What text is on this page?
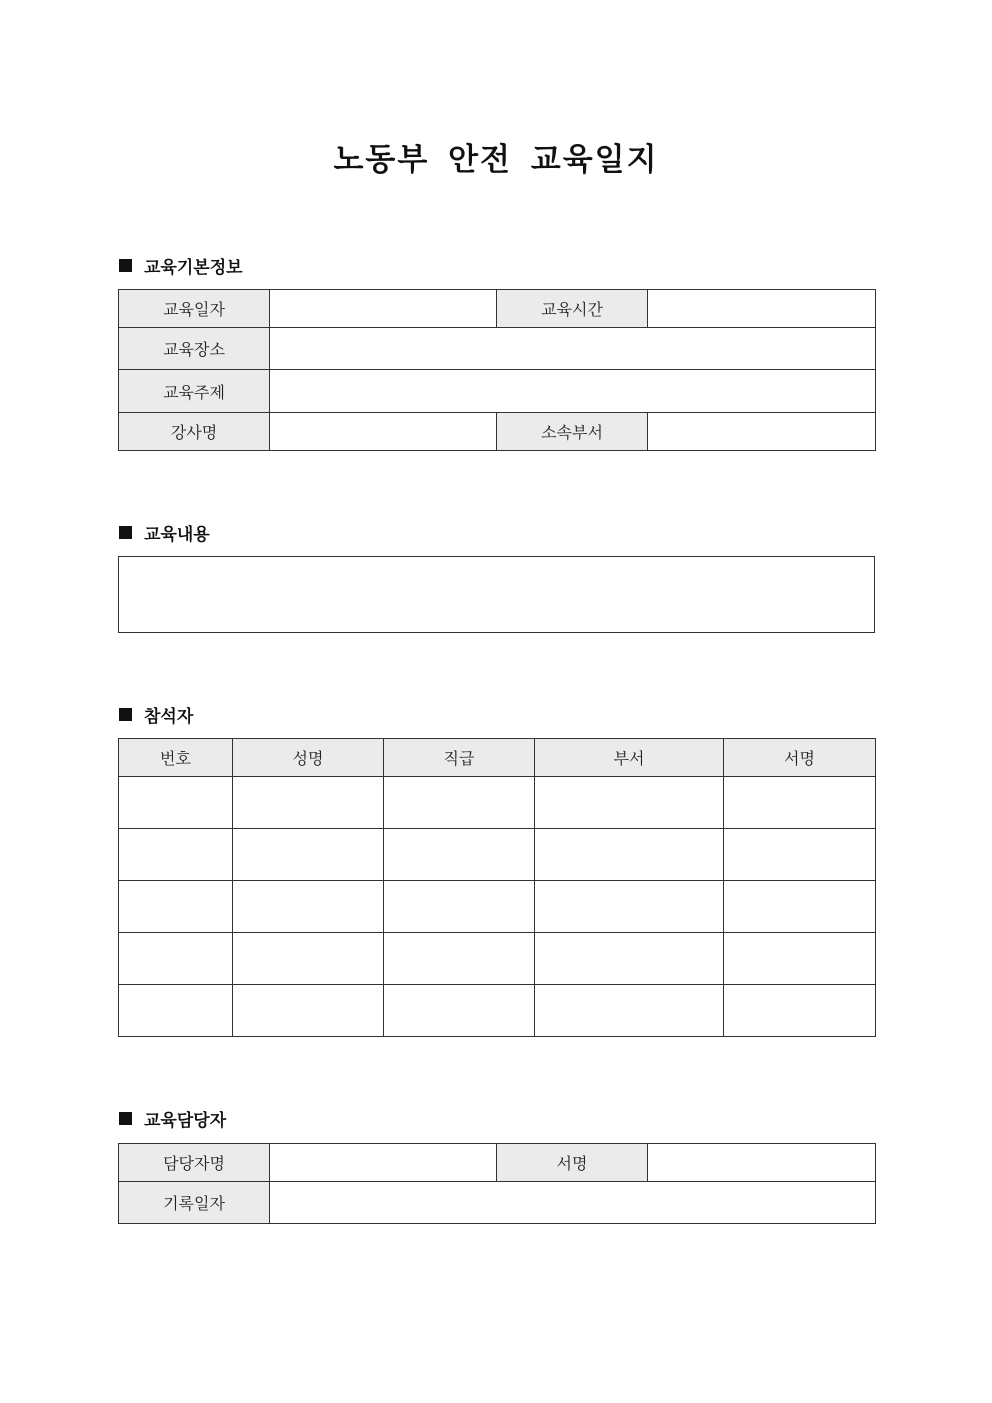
노동부 안전 교육일지
교육기본정보
교육일자		교육시간	
교육장소			
교육주제			
강사명		소속부서	
교육내용
참석자
번호	성명	직급	부서	서명

교육담당자
담당자명		서명	
기록일자			
